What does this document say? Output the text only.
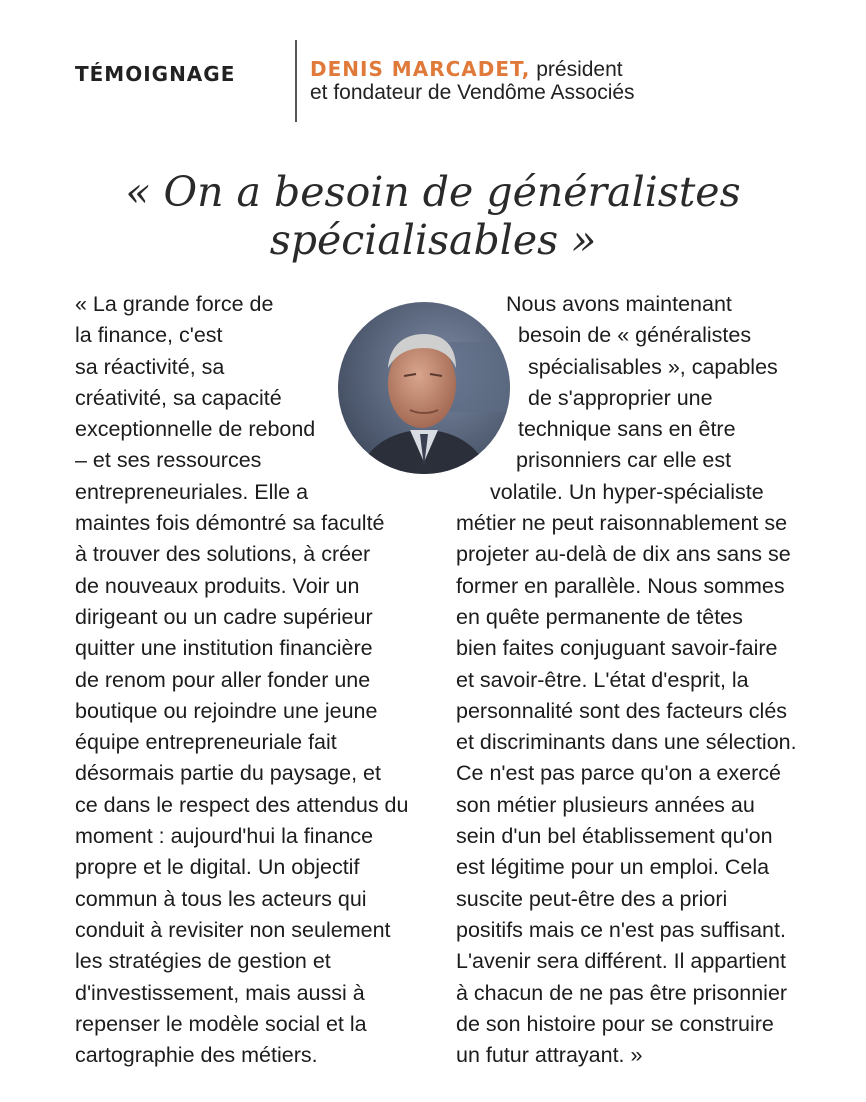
TÉMOIGNAGE	DENIS MARCADET, président
et fondateur de Vendôme Associés
« On a besoin de généralistes
spécialisables »
« La grande force de
la finance, c'est
sa réactivité, sa
créativité, sa capacité
exceptionnelle de rebond
– et ses ressources
entrepreneuriales. Elle a
maintes fois démontré sa faculté
à trouver des solutions, à créer
de nouveaux produits. Voir un
dirigeant ou un cadre supérieur
quitter une institution financière
de renom pour aller fonder une
boutique ou rejoindre une jeune
équipe entrepreneuriale fait
désormais partie du paysage, et
ce dans le respect des attendus du
moment : aujourd'hui la finance
propre et le digital. Un objectif
commun à tous les acteurs qui
conduit à revisiter non seulement
les stratégies de gestion et
d'investissement, mais aussi à
repenser le modèle social et la
cartographie des métiers.
Nous avons maintenant
besoin de « généralistes
spécialisables », capables
de s'approprier une
technique sans en être
prisonniers car elle est
volatile. Un hyper-spécialiste
métier ne peut raisonnablement se
projeter au-delà de dix ans sans se
former en parallèle. Nous sommes
en quête permanente de têtes
bien faites conjuguant savoir-faire
et savoir-être. L'état d'esprit, la
personnalité sont des facteurs clés
et discriminants dans une sélection.
Ce n'est pas parce qu'on a exercé
son métier plusieurs années au
sein d'un bel établissement qu'on
est légitime pour un emploi. Cela
suscite peut-être des a priori
positifs mais ce n'est pas suffisant.
L'avenir sera différent. Il appartient
à chacun de ne pas être prisonnier
de son histoire pour se construire
un futur attrayant. »
